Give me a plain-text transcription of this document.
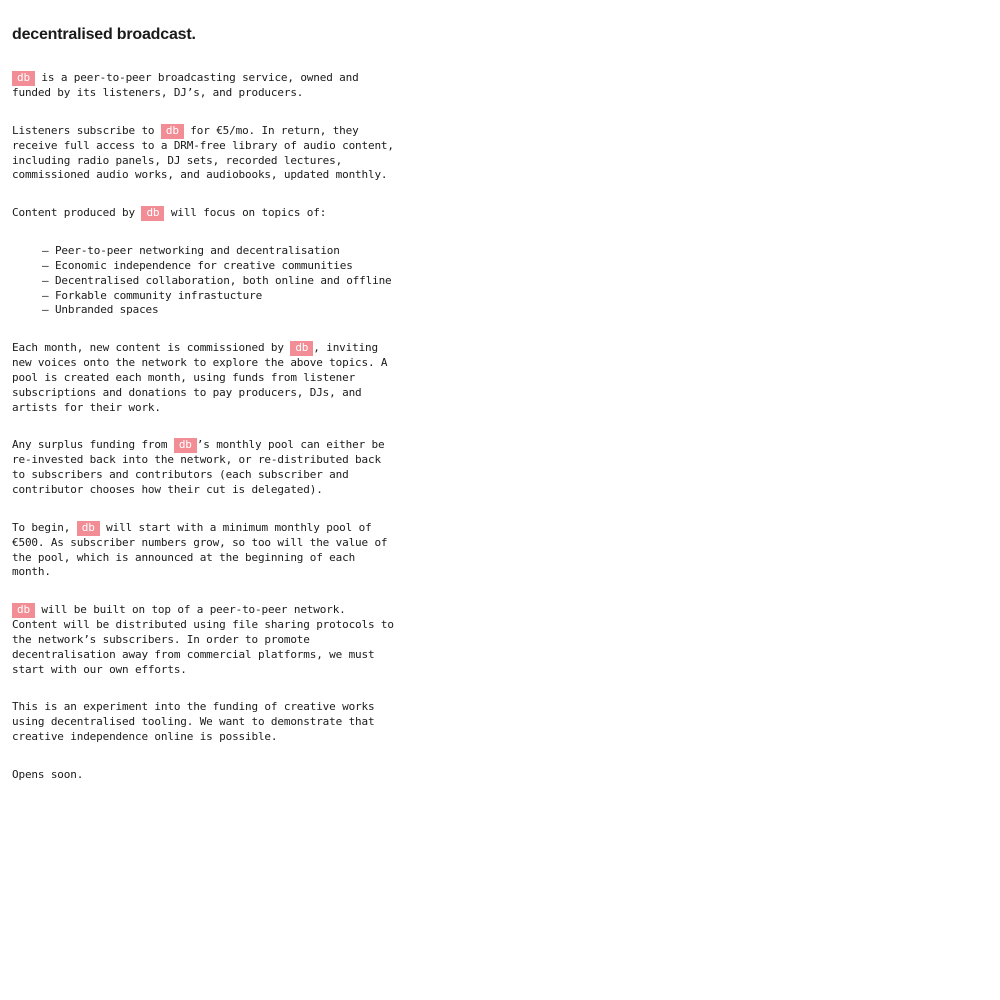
decentralised broadcast.

db is a peer-to-peer broadcasting service, owned and
funded by its listeners, DJ’s, and producers.

Listeners subscribe to db for €5/mo. In return, they
receive full access to a DRM-free library of audio content,
including radio panels, DJ sets, recorded lectures,
commissioned audio works, and audiobooks, updated monthly.

Content produced by db will focus on topics of:

– Peer-to-peer networking and decentralisation
– Economic independence for creative communities
– Decentralised collaboration, both online and offline
– Forkable community infrastucture
– Unbranded spaces

Each month, new content is commissioned by db , inviting
new voices onto the network to explore the above topics. A
pool is created each month, using funds from listener
subscriptions and donations to pay producers, DJs, and
artists for their work.

Any surplus funding from db ’s monthly pool can either be
re-invested back into the network, or re-distributed back
to subscribers and contributors (each subscriber and
contributor chooses how their cut is delegated).

To begin, db will start with a minimum monthly pool of
€500. As subscriber numbers grow, so too will the value of
the pool, which is announced at the beginning of each
month.

db will be built on top of a peer-to-peer network.
Content will be distributed using file sharing protocols to
the network’s subscribers. In order to promote
decentralisation away from commercial platforms, we must
start with our own efforts.

This is an experiment into the funding of creative works
using decentralised tooling. We want to demonstrate that
creative independence online is possible.

Opens soon.
